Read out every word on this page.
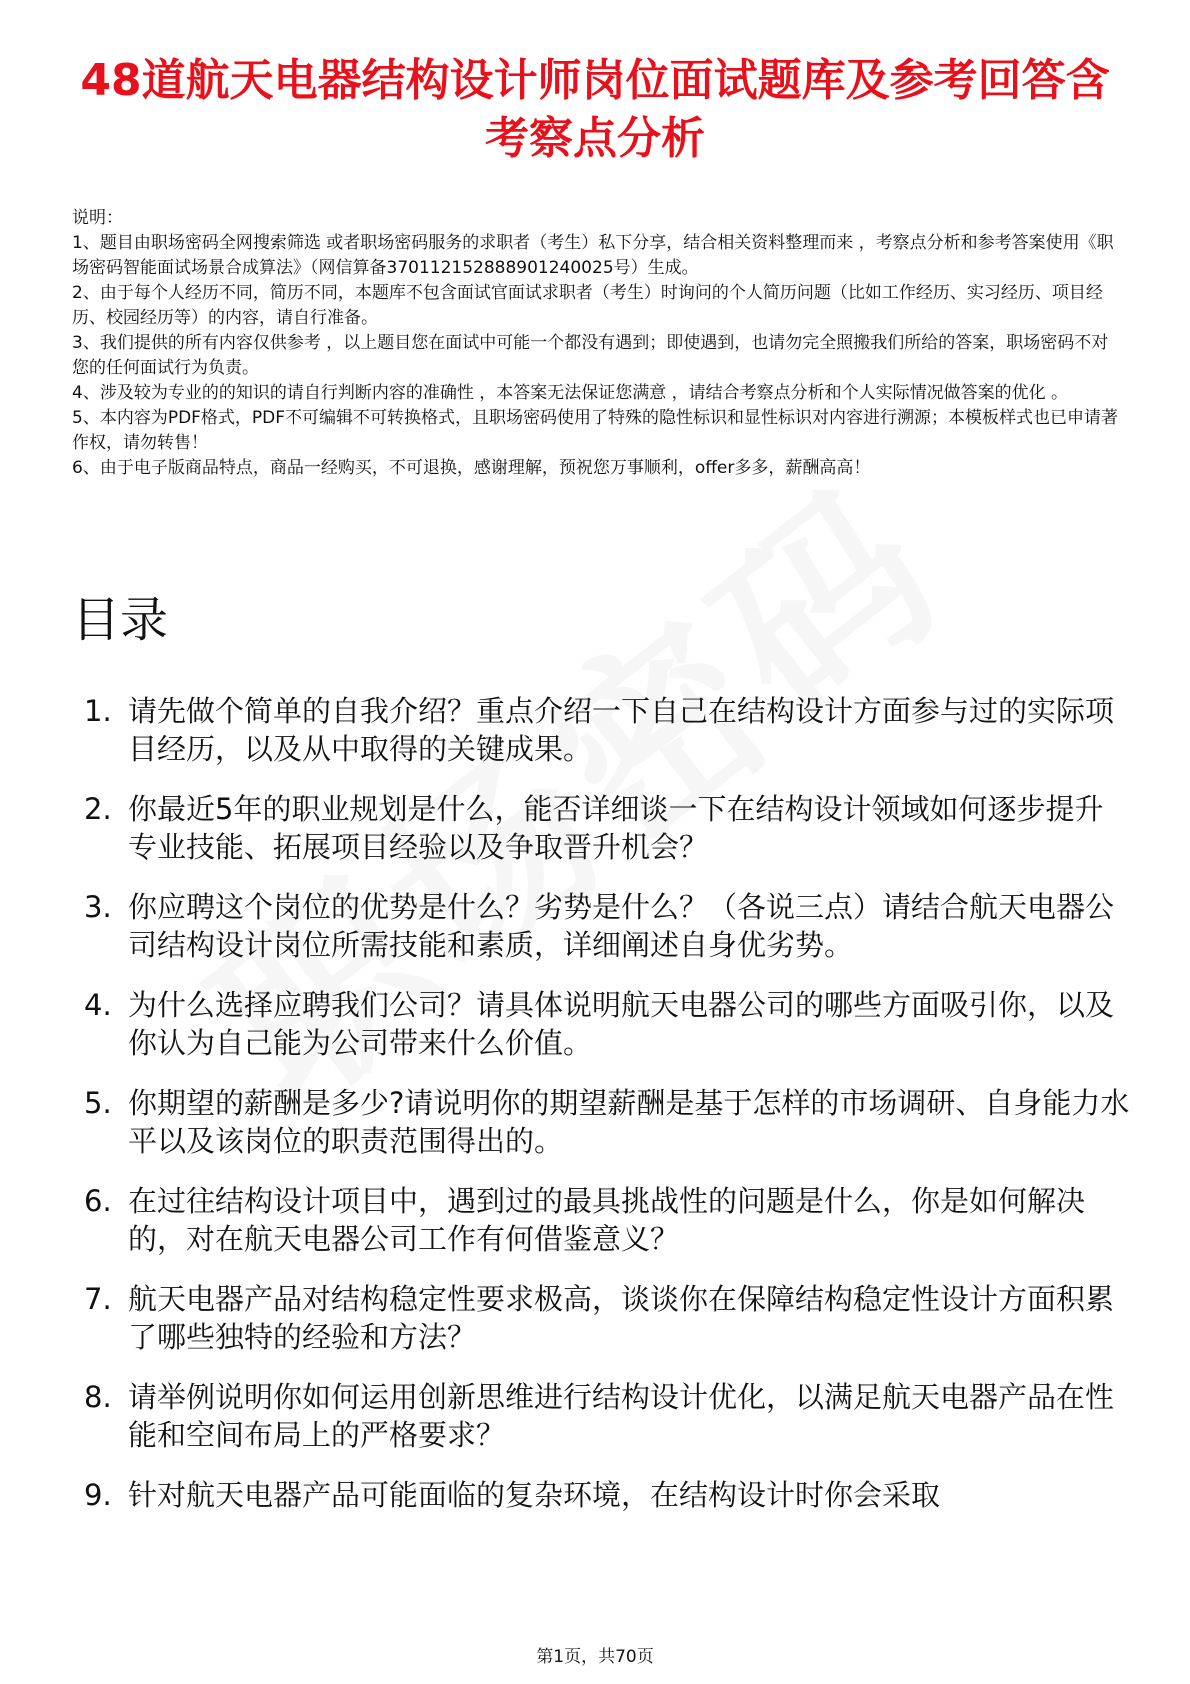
48道航天电器结构设计师岗位面试题库及参考回答含考察点分析

说明：

1、题目由职场密码全网搜索筛选 或者职场密码服务的求职者（考生）私下分享，结合相关资料整理而来 ，考察点分析和参考答案使用《职场密码智能面试场景合成算法》（网信算备370112152888901240025号）生成。

2、由于每个人经历不同，简历不同，本题库不包含面试官面试求职者（考生）时询问的个人简历问题（比如工作经历、实习经历、项目经历、校园经历等）的内容，请自行准备。

3、我们提供的所有内容仅供参考 ，以上题目您在面试中可能一个都没有遇到；即使遇到，也请勿完全照搬我们所给的答案，职场密码不对您的任何面试行为负责。

4、涉及较为专业的的知识的请自行判断内容的准确性 ，本答案无法保证您满意 ，请结合考察点分析和个人实际情况做答案的优化 。

5、本内容为PDF格式，PDF不可编辑不可转换格式，且职场密码使用了特殊的隐性标识和显性标识对内容进行溯源；本模板样式也已申请著作权，请勿转售！

6、由于电子版商品特点，商品一经购买，不可退换，感谢理解，预祝您万事顺利，offer多多，薪酬高高！

目录
1. 请先做个简单的自我介绍？重点介绍一下自己在结构设计方面参与过的实际项目经历，以及从中取得的关键成果。
2. 你最近5年的职业规划是什么，能否详细谈一下在结构设计领域如何逐步提升专业技能、拓展项目经验以及争取晋升机会？
3. 你应聘这个岗位的优势是什么？劣势是什么？（各说三点）请结合航天电器公司结构设计岗位所需技能和素质，详细阐述自身优劣势。
4. 为什么选择应聘我们公司？请具体说明航天电器公司的哪些方面吸引你，以及你认为自己能为公司带来什么价值。
5. 你期望的薪酬是多少?请说明你的期望薪酬是基于怎样的市场调研、自身能力水平以及该岗位的职责范围得出的。
6. 在过往结构设计项目中，遇到过的最具挑战性的问题是什么，你是如何解决的，对在航天电器公司工作有何借鉴意义？
7. 航天电器产品对结构稳定性要求极高，谈谈你在保障结构稳定性设计方面积累了哪些独特的经验和方法？
8. 请举例说明你如何运用创新思维进行结构设计优化，以满足航天电器产品在性能和空间布局上的严格要求？
9. 针对航天电器产品可能面临的复杂环境，在结构设计时你会采取
第1页，共70页
